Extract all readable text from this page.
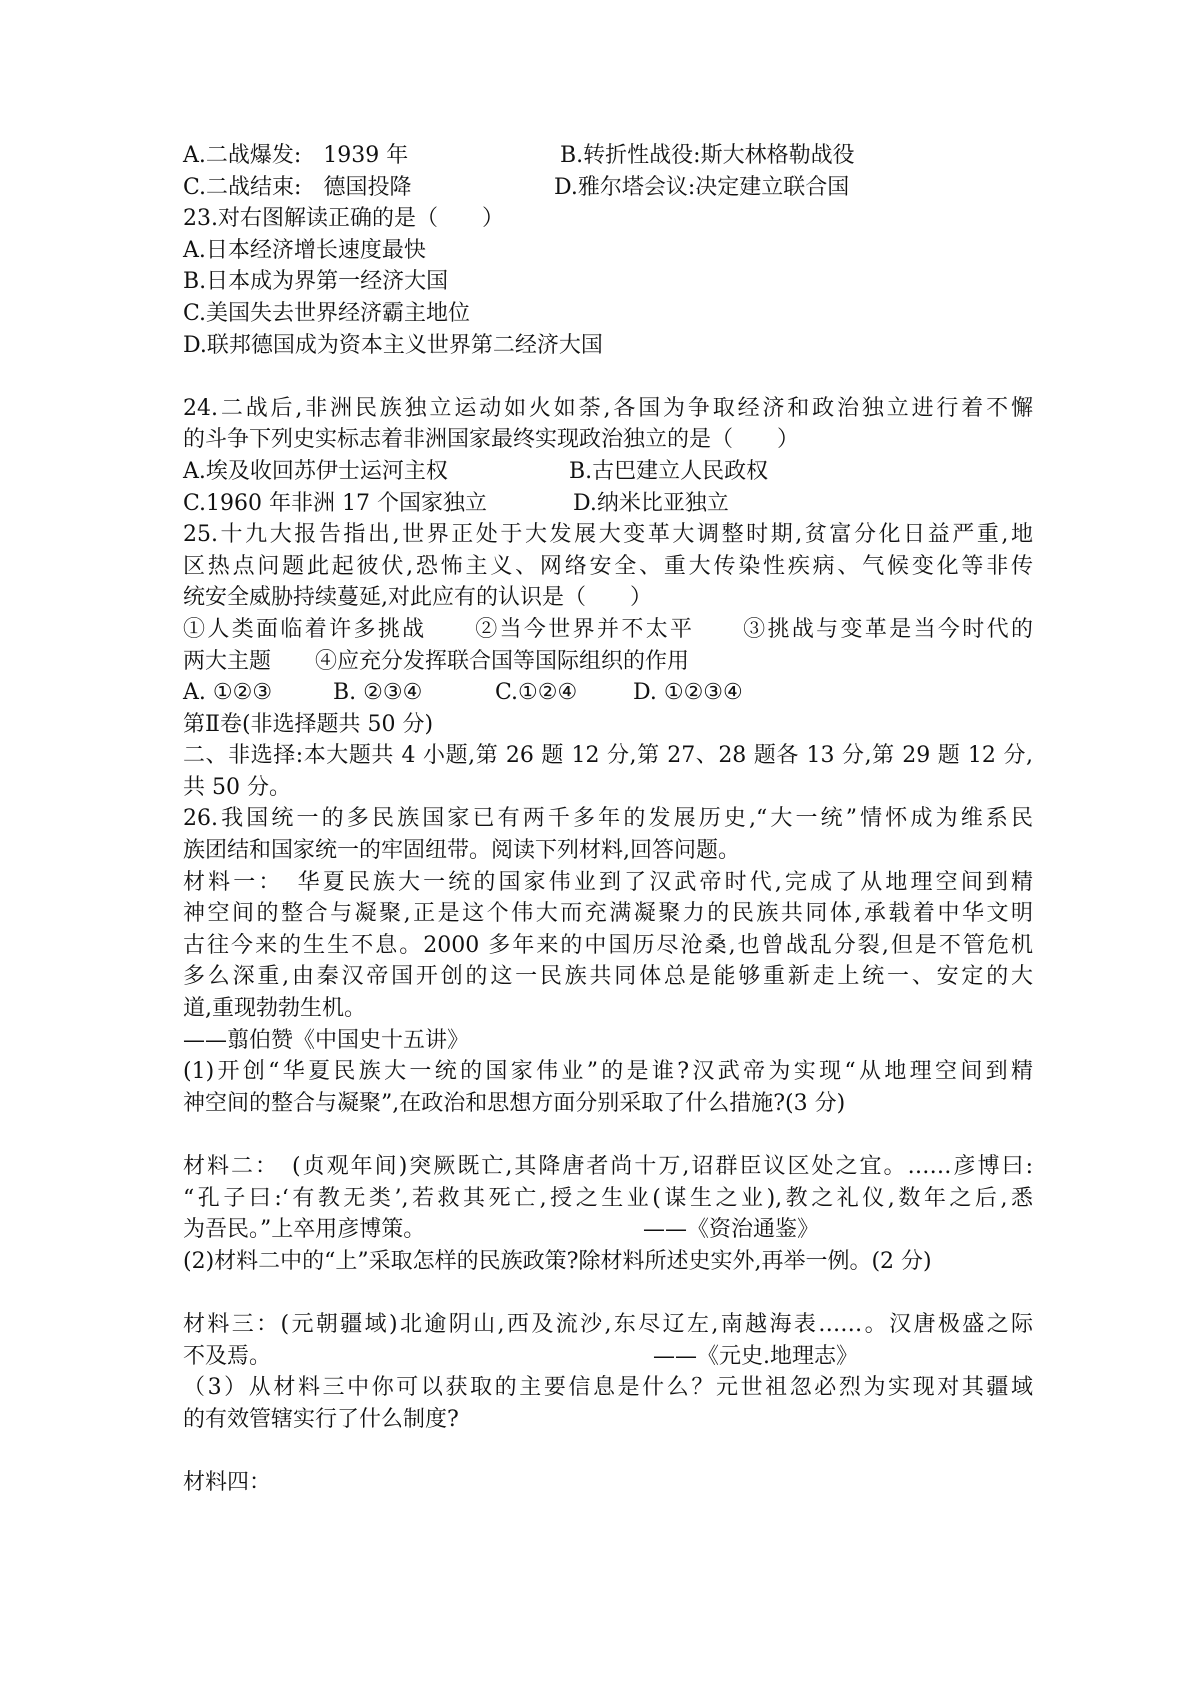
A.二战爆发:　1939 年	B.转折性战役:斯大林格勒战役
C.二战结束:　德国投降	D.雅尔塔会议:决定建立联合国
23.对右图解读正确的是（　　）
A.日本经济增长速度最快
B.日本成为界第一经济大国
C.美国失去世界经济霸主地位
D.联邦德国成为资本主义世界第二经济大国
24.二战后,非洲民族独立运动如火如荼,各国为争取经济和政治独立进行着不懈
的斗争下列史实标志着非洲国家最终实现政治独立的是（　　）
A.埃及收回苏伊士运河主权	B.古巴建立人民政权
C.1960 年非洲 17 个国家独立	D.纳米比亚独立
25.十九大报告指出,世界正处于大发展大变革大调整时期,贫富分化日益严重,地
区热点问题此起彼伏,恐怖主义、网络安全、重大传染性疾病、气候变化等非传
统安全威胁持续蔓延,对此应有的认识是（　　）
①人类面临着许多挑战　　②当今世界并不太平　　③挑战与变革是当今时代的
两大主题　　④应充分发挥联合国等国际组织的作用
A. ①②③	B. ②③④	C.①②④	D. ①②③④
第Ⅱ卷(非选择题共 50 分)
二、非选择:本大题共 4 小题,第 26 题 12 分,第 27、28 题各 13 分,第 29 题 12 分,
共 50 分。
26.我国统一的多民族国家已有两千多年的发展历史,“大一统”情怀成为维系民
族团结和国家统一的牢固纽带。阅读下列材料,回答问题。
材料一：　华夏民族大一统的国家伟业到了汉武帝时代,完成了从地理空间到精
神空间的整合与凝聚,正是这个伟大而充满凝聚力的民族共同体,承载着中华文明
古往今来的生生不息。2000 多年来的中国历尽沧桑,也曾战乱分裂,但是不管危机
多么深重,由秦汉帝国开创的这一民族共同体总是能够重新走上统一、安定的大
道,重现勃勃生机。
——翦伯赞《中国史十五讲》
(1)开创“华夏民族大一统的国家伟业”的是谁?汉武帝为实现“从地理空间到精
神空间的整合与凝聚”,在政治和思想方面分别采取了什么措施?(3 分)
材料二：　(贞观年间)突厥既亡,其降唐者尚十万,诏群臣议区处之宜。……彦博曰:
“孔子曰:‘有教无类’,若救其死亡,授之生业(谋生之业),教之礼仪,数年之后,悉
为吾民。”上卒用彦博策。	——《资治通鉴》
(2)材料二中的“上”采取怎样的民族政策?除材料所述史实外,再举一例。(2 分)
材料三：(元朝疆域)北逾阴山,西及流沙,东尽辽左,南越海表……。汉唐极盛之际
不及焉。	——《元史.地理志》
（3）从材料三中你可以获取的主要信息是什么？元世祖忽必烈为实现对其疆域
的有效管辖实行了什么制度?
材料四：
